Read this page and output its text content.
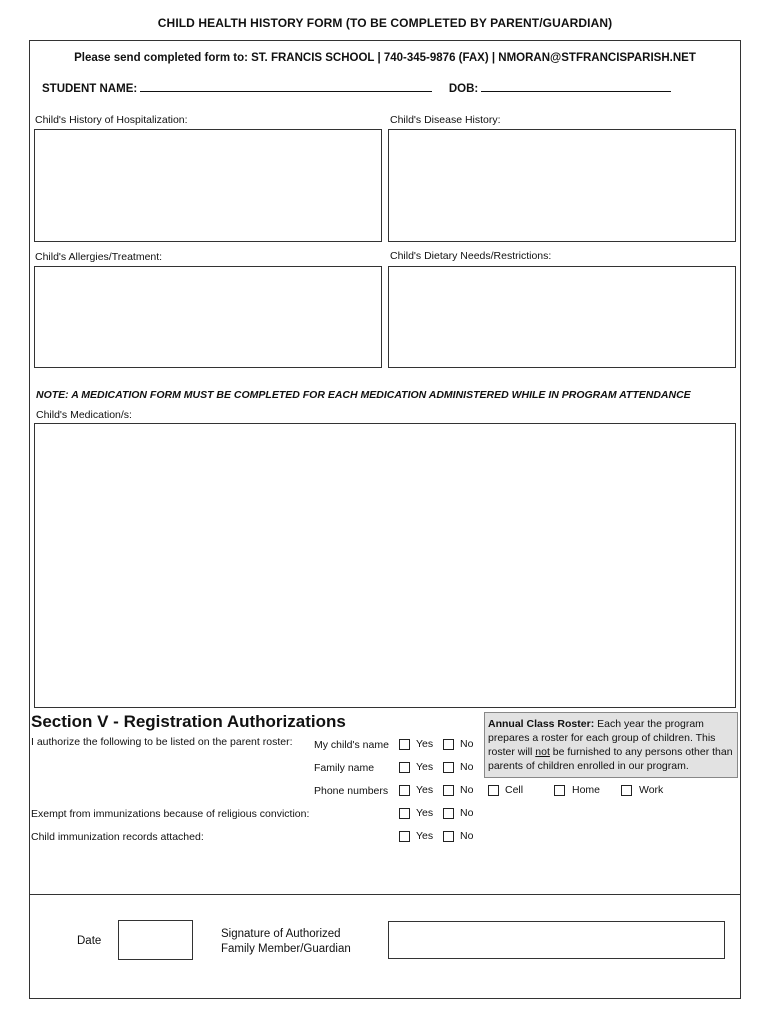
CHILD HEALTH HISTORY FORM (TO BE COMPLETED BY PARENT/GUARDIAN)
Please send completed form to: ST. FRANCIS SCHOOL | 740-345-9876 (FAX) | NMORAN@STFRANCISPARISH.NET
STUDENT NAME:	DOB:
Child's History of Hospitalization:	Child's Disease History:
Child's Allergies/Treatment:	Child's Dietary Needs/Restrictions:
NOTE: A MEDICATION FORM MUST BE COMPLETED FOR EACH MEDICATION ADMINISTERED WHILE IN PROGRAM ATTENDANCE
Child's Medication/s:
Section V - Registration Authorizations
I authorize the following to be listed on the parent roster: My child's name	Yes	No
Family name	Yes	No
Phone numbers	Yes	No	Cell	Home	Work
Exempt from immunizations because of religious conviction:	Yes	No
Child immunization records attached:	Yes	No
Annual Class Roster: Each year the program prepares a roster for each group of children. This roster will not be furnished to any persons other than parents of children enrolled in our program.
Date
Signature of Authorized
Family Member/Guardian
